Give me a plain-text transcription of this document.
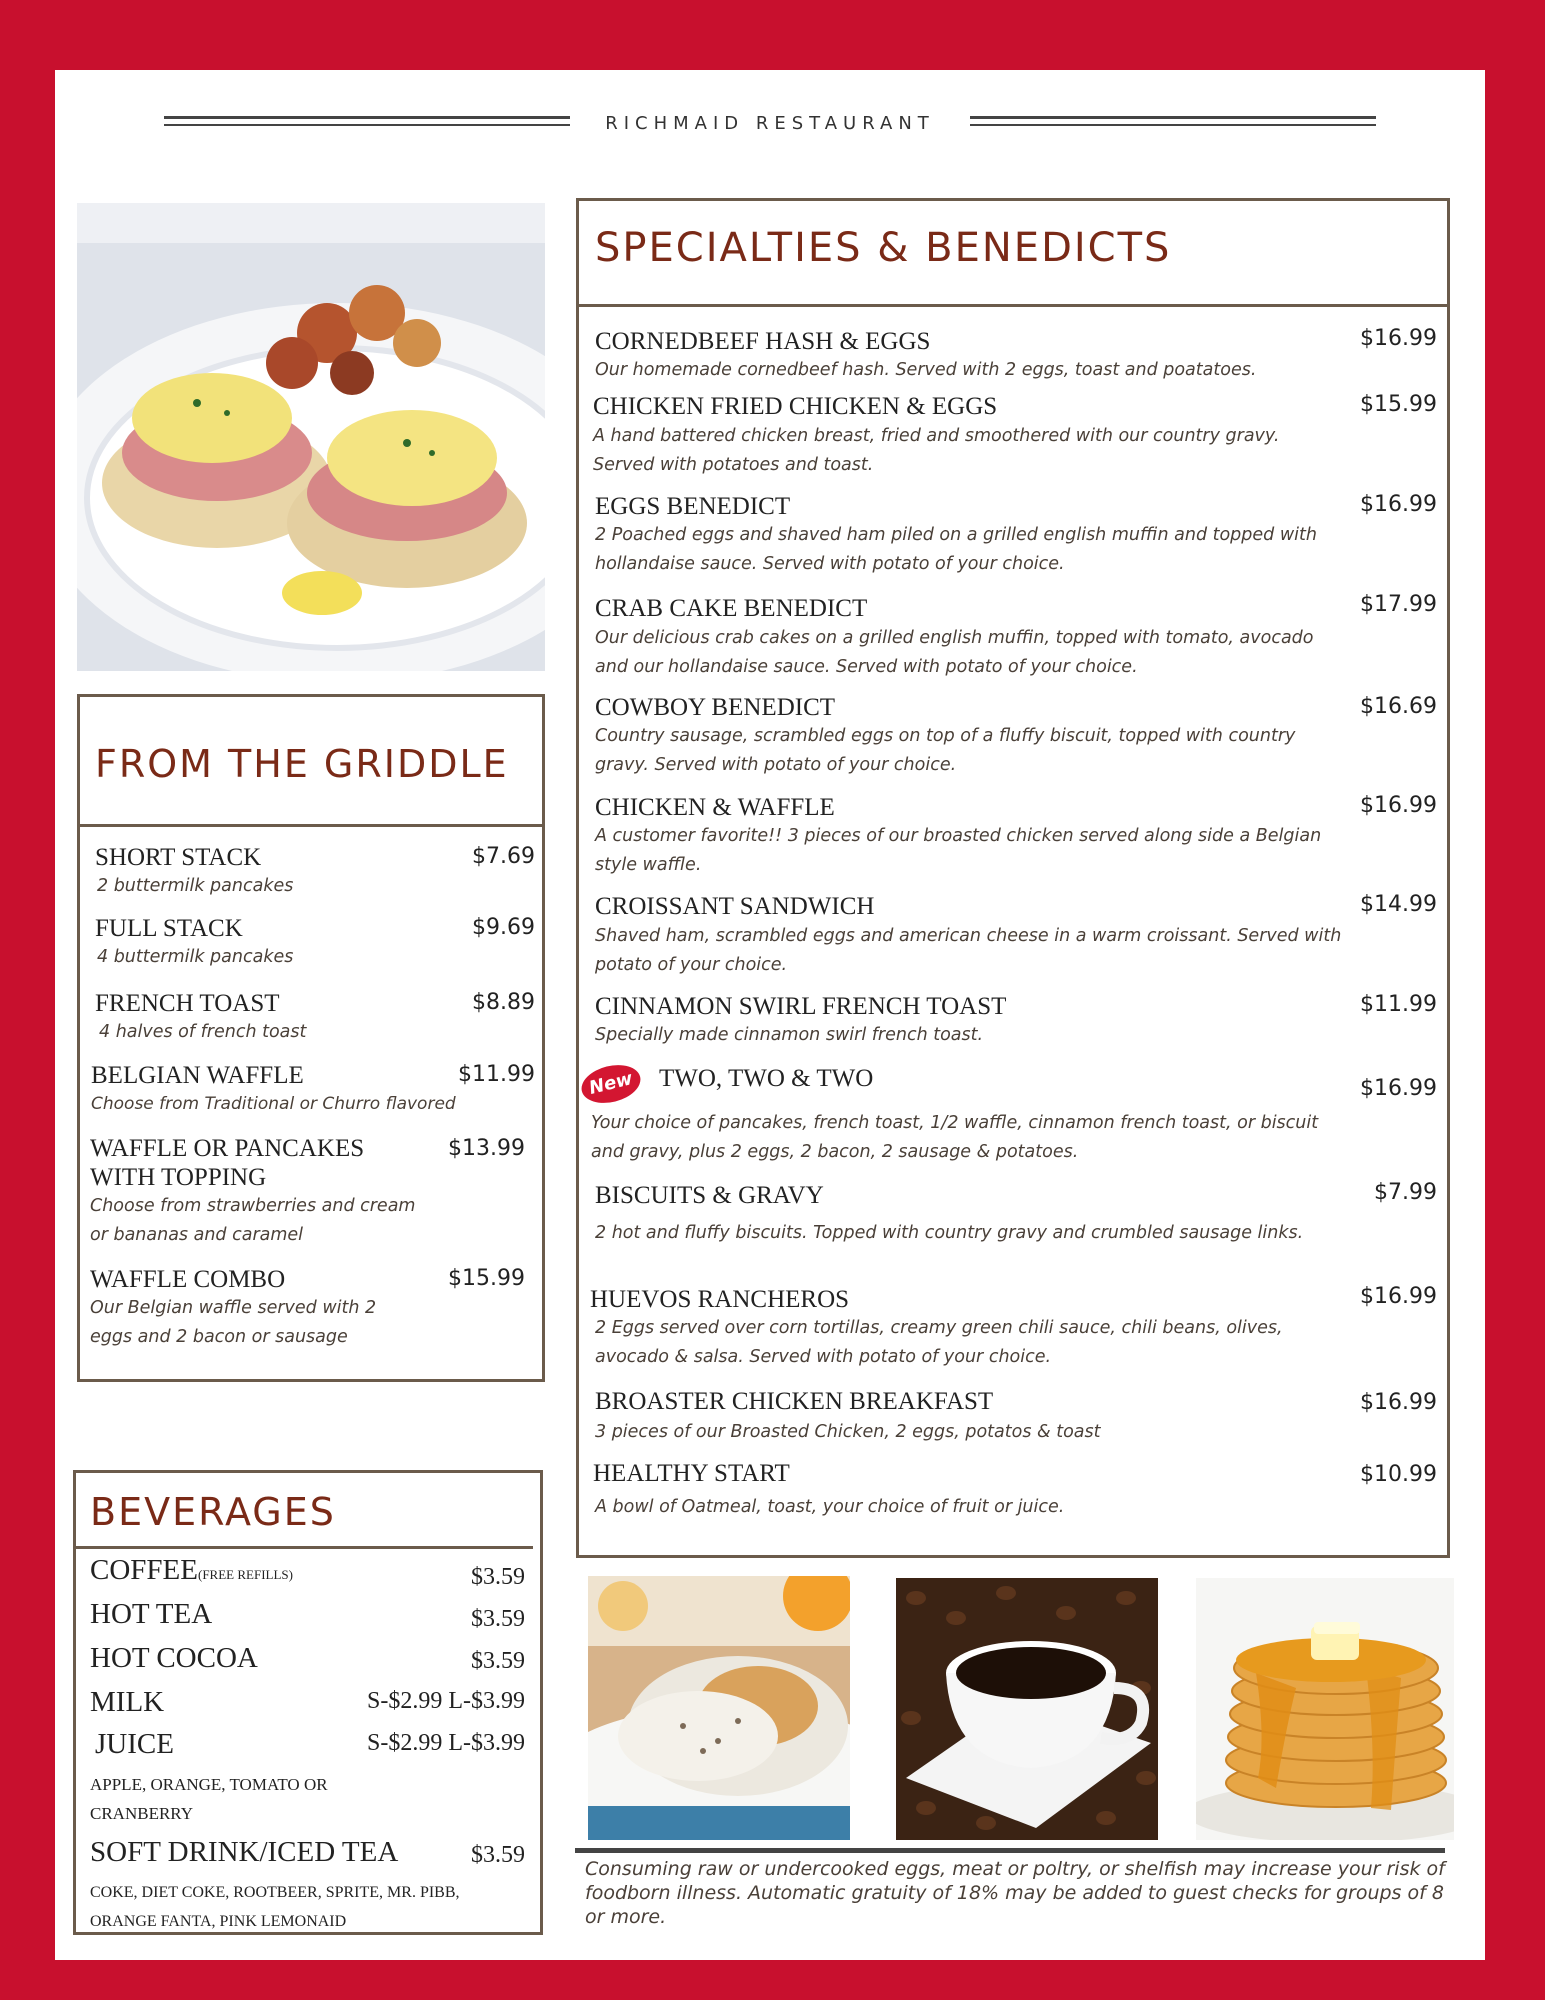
RICHMAID RESTAURANT
FROM THE GRIDDLE
SHORT STACK	$7.69
2 buttermilk pancakes
FULL STACK	$9.69
4 buttermilk pancakes
FRENCH TOAST	$8.89
4 halves of french toast
BELGIAN WAFFLE	$11.99
Choose from Traditional or Churro flavored
WAFFLE OR PANCAKES WITH TOPPING
$13.99
Choose from strawberries and cream or bananas and caramel
WAFFLE COMBO	$15.99
Our Belgian waffle served with 2 eggs and 2 bacon or sausage
BEVERAGES
COFFEE(FREE REFILLS)	$3.59
HOT TEA	$3.59
HOT COCOA	$3.59
MILK	S-$2.99 L-$3.99
JUICE	S-$2.99 L-$3.99
APPLE, ORANGE, TOMATO OR CRANBERRY
SOFT DRINK/ICED TEA	$3.59
COKE, DIET COKE, ROOTBEER, SPRITE, MR. PIBB, ORANGE FANTA, PINK LEMONAID
SPECIALTIES & BENEDICTS
CORNEDBEEF HASH & EGGS	$16.99
Our homemade cornedbeef hash. Served with 2 eggs, toast and poatatoes.
CHICKEN FRIED CHICKEN & EGGS	$15.99
A hand battered chicken breast, fried and smoothered with our country gravy. Served with potatoes and toast.
EGGS BENEDICT	$16.99
2 Poached eggs and shaved ham piled on a grilled english muffin and topped with hollandaise sauce. Served with potato of your choice.
CRAB CAKE BENEDICT	$17.99
Our delicious crab cakes on a grilled english muffin, topped with tomato, avocado and our hollandaise sauce. Served with potato of your choice.
COWBOY BENEDICT	$16.69
Country sausage, scrambled eggs on top of a fluffy biscuit, topped with country gravy. Served with potato of your choice.
CHICKEN & WAFFLE	$16.99
A customer favorite!! 3 pieces of our broasted chicken served along side a Belgian style waffle.
CROISSANT SANDWICH	$14.99
Shaved ham, scrambled eggs and american cheese in a warm croissant. Served with potato of your choice.
CINNAMON SWIRL FRENCH TOAST	$11.99
Specially made cinnamon swirl french toast.
New TWO, TWO & TWO	$16.99
Your choice of pancakes, french toast, 1/2 waffle, cinnamon french toast, or biscuit and gravy, plus 2 eggs, 2 bacon, 2 sausage & potatoes.
BISCUITS & GRAVY	$7.99
2 hot and fluffy biscuits. Topped with country gravy and crumbled sausage links.
HUEVOS RANCHEROS	$16.99
2 Eggs served over corn tortillas, creamy green chili sauce, chili beans, olives, avocado & salsa. Served with potato of your choice.
BROASTER CHICKEN BREAKFAST	$16.99
3 pieces of our Broasted Chicken, 2 eggs, potatos & toast
HEALTHY START	$10.99
A bowl of Oatmeal, toast, your choice of fruit or juice.
Consuming raw or undercooked eggs, meat or poltry, or shelfish may increase your risk of foodborn illness. Automatic gratuity of 18% may be added to guest checks for groups of 8 or more.
